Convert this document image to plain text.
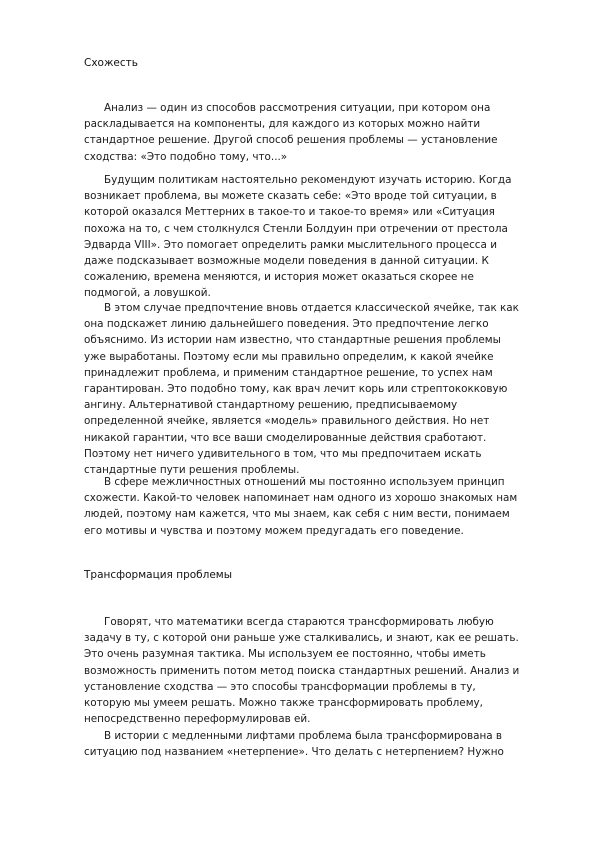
Схожесть

Анализ — один из способов рассмотрения ситуации, при котором она раскладывается на компоненты, для каждого из которых можно найти стандартное решение. Другой способ решения проблемы — установление сходства: «Это подобно тому, что...»

Будущим политикам настоятельно рекомендуют изучать историю. Когда возникает проблема, вы можете сказать себе: «Это вроде той ситуации, в которой оказался Меттерних в такое-то и такое-то время» или «Ситуация похожа на то, с чем столкнулся Стенли Болдуин при отречении от престола Эдварда VIII». Это помогает определить рамки мыслительного процесса и даже подсказывает возможные модели поведения в данной ситуации. К сожалению, времена меняются, и история может оказаться скорее не подмогой, а ловушкой.

В этом случае предпочтение вновь отдается классической ячейке, так как она подскажет линию дальнейшего поведения. Это предпочтение легко объяснимо. Из истории нам известно, что стандартные решения проблемы уже выработаны. Поэтому если мы правильно определим, к какой ячейке принадлежит проблема, и применим стандартное решение, то успех нам гарантирован. Это подобно тому, как врач лечит корь или стрептококковую ангину. Альтернативой стандартному решению, предписываемому определенной ячейке, является «модель» правильного действия. Но нет никакой гарантии, что все ваши смоделированные действия сработают. Поэтому нет ничего удивительного в том, что мы предпочитаем искать стандартные пути решения проблемы.

В сфере межличностных отношений мы постоянно используем принцип схожести. Какой-то человек напоминает нам одного из хорошо знакомых нам людей, поэтому нам кажется, что мы знаем, как себя с ним вести, понимаем его мотивы и чувства и поэтому можем предугадать его поведение.

Трансформация проблемы

Говорят, что математики всегда стараются трансформировать любую задачу в ту, с которой они раньше уже сталкивались, и знают, как ее решать. Это очень разумная тактика. Мы используем ее постоянно, чтобы иметь возможность применить потом метод поиска стандартных решений. Анализ и установление сходства — это способы трансформации проблемы в ту, которую мы умеем решать. Можно также трансформировать проблему, непосредственно переформулировав ей.

В истории с медленными лифтами проблема была трансформирована в ситуацию под названием «нетерпение». Что делать с нетерпением? Нужно
